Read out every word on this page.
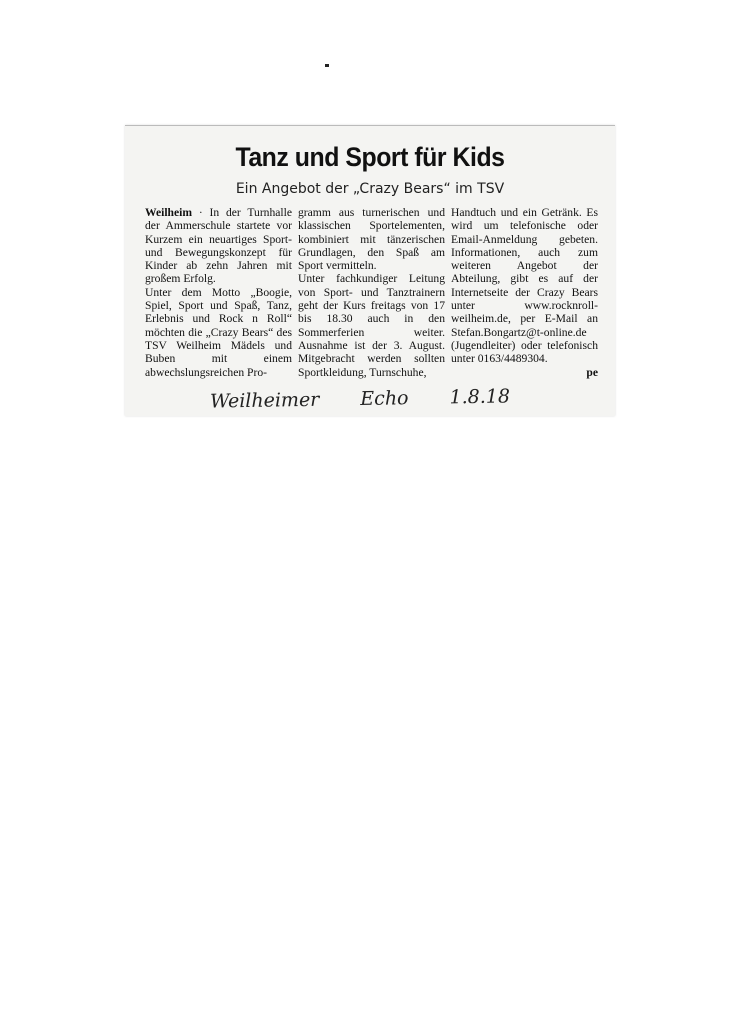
Tanz und Sport für Kids
Ein Angebot der „Crazy Bears“ im TSV

Weilheim · In der Turnhalle der Ammerschule startete vor Kurzem ein neuartiges Sport- und Bewegungskonzept für Kinder ab zehn Jahren mit großem Erfolg.

Unter dem Motto „Boogie, Spiel, Sport und Spaß, Tanz, Erlebnis und Rock n Roll“ möchten die „Crazy Bears“ des TSV Weilheim Mädels und Buben mit einem abwechslungsreichen Pro-

gramm aus turnerischen und klassischen Sportelementen, kombiniert mit tänzerischen Grundlagen, den Spaß am Sport vermitteln.

Unter fachkundiger Leitung von Sport- und Tanztrainern geht der Kurs freitags von 17 bis 18.30 auch in den Sommerferien weiter. Ausnahme ist der 3. August. Mitgebracht werden sollten Sportkleidung, Turnschuhe,

Handtuch und ein Getränk. Es wird um telefonische oder Email-Anmeldung gebeten. Informationen, auch zum weiteren Angebot der Abteilung, gibt es auf der Internetseite der Crazy Bears unter www.rocknroll-weilheim.de, per E-Mail an Stefan.Bongartz@t-online.de (Jugendleiter) oder telefonisch unter 0163/4489304.

pe

Weilheimer Echo 1.8.18
